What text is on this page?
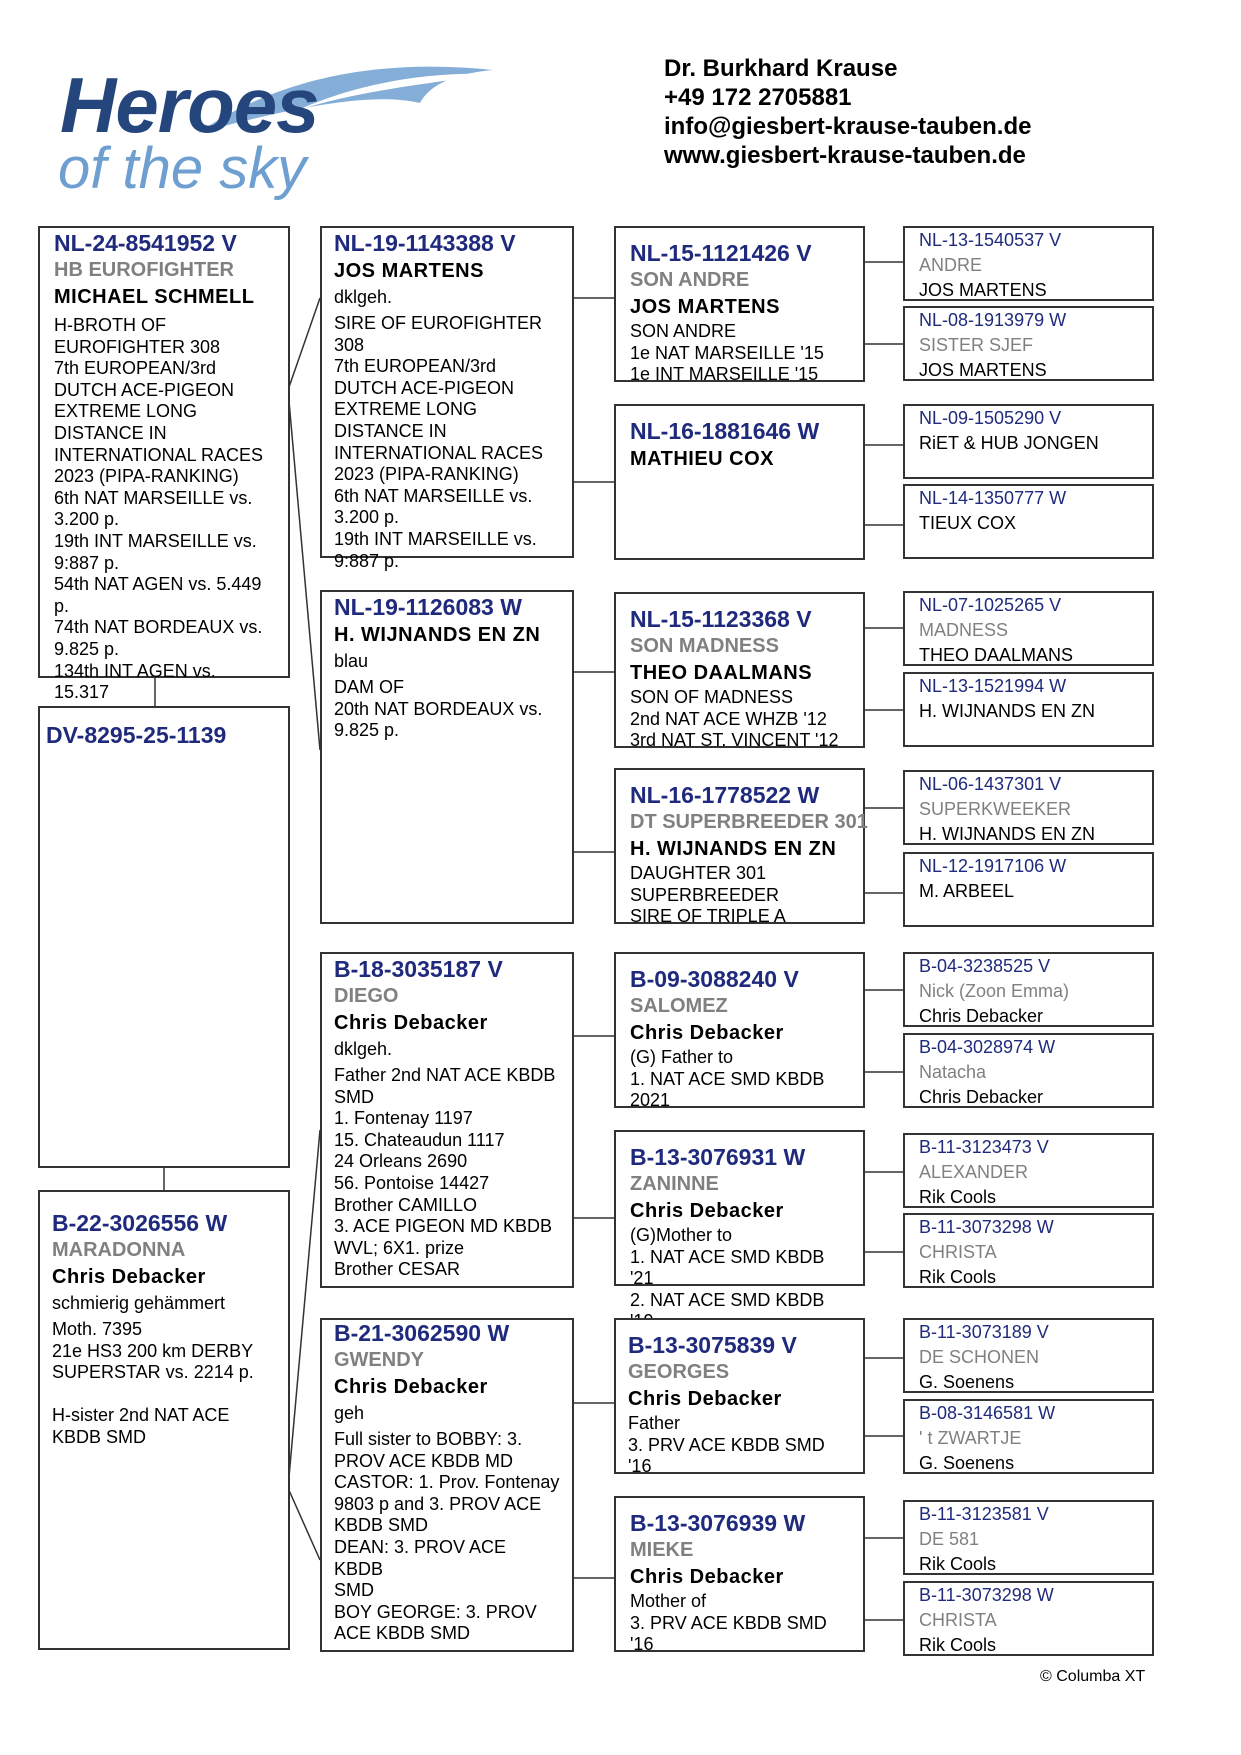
Heroes
of the sky
Dr. Burkhard Krause
+49 172 2705881
info@giesbert-krause-tauben.de
www.giesbert-krause-tauben.de
NL-24-8541952 V
HB EUROFIGHTER
MICHAEL SCHMELL
H-BROTH OF
EUROFIGHTER 308
7th EUROPEAN/3rd
DUTCH ACE-PIGEON
EXTREME LONG
DISTANCE IN
INTERNATIONAL RACES
2023 (PIPA-RANKING)
6th NAT MARSEILLE vs.
3.200 p.
19th INT MARSEILLE vs.
9:887 p.
54th NAT AGEN vs. 5.449
p.
74th NAT BORDEAUX vs.
9.825 p.
134th INT AGEN vs. 15.317
DV-8295-25-1139
B-22-3026556 W
MARADONNA
Chris Debacker
schmierig gehämmert
Moth. 7395
21e HS3 200 km DERBY
SUPERSTAR vs. 2214 p.

H-sister 2nd NAT ACE
KBDB SMD
NL-19-1143388 V
JOS MARTENS
dklgeh.
SIRE OF EUROFIGHTER
308
7th EUROPEAN/3rd
DUTCH ACE-PIGEON
EXTREME LONG
DISTANCE IN
INTERNATIONAL RACES
2023 (PIPA-RANKING)
6th NAT MARSEILLE vs.
3.200 p.
19th INT MARSEILLE vs.
9:887 p.
NL-19-1126083 W
H. WIJNANDS EN ZN
blau
DAM OF
20th NAT BORDEAUX vs.
9.825 p.
B-18-3035187 V
DIEGO
Chris Debacker
dklgeh.
Father 2nd NAT ACE KBDB
SMD
1. Fontenay 1197
15. Chateaudun 1117
24 Orleans 2690
56. Pontoise 14427
Brother CAMILLO
3. ACE PIGEON MD KBDB
WVL; 6X1. prize
Brother CESAR
B-21-3062590 W
GWENDY
Chris Debacker
geh
Full sister to BOBBY: 3.
PROV ACE KBDB MD
CASTOR: 1. Prov. Fontenay
9803 p and 3. PROV ACE
KBDB SMD
DEAN: 3. PROV ACE KBDB
SMD
BOY GEORGE: 3. PROV
ACE KBDB SMD
NL-15-1121426 V
SON ANDRE
JOS MARTENS
SON ANDRE
1e NAT MARSEILLE '15
1e INT MARSEILLE '15
NL-16-1881646 W
MATHIEU COX
NL-15-1123368 V
SON MADNESS
THEO DAALMANS
SON OF MADNESS
2nd NAT ACE WHZB '12
3rd NAT ST. VINCENT '12
NL-16-1778522 W
DT SUPERBREEDER 301
H. WIJNANDS EN ZN
DAUGHTER 301
SUPERBREEDER
SIRE OF TRIPLE A
B-09-3088240 V
SALOMEZ
Chris Debacker
(G) Father to
1. NAT ACE SMD KBDB
2021
B-13-3076931 W
ZANINNE
Chris Debacker
(G)Mother to
1. NAT ACE SMD KBDB '21
2. NAT ACE SMD KBDB
B-13-3075839 V
GEORGES
Chris Debacker
Father
3. PRV ACE KBDB SMD
'16
B-13-3076939 W
MIEKE
Chris Debacker
Mother of
3. PRV ACE KBDB SMD
'16
NL-13-1540537 V
ANDRE
JOS MARTENS
NL-08-1913979 W
SISTER SJEF
JOS MARTENS
NL-09-1505290 V
RiET & HUB JONGEN
NL-14-1350777 W
TIEUX COX
NL-07-1025265 V
MADNESS
THEO DAALMANS
NL-13-1521994 W
H. WIJNANDS EN ZN
NL-06-1437301 V
SUPERKWEEKER
H. WIJNANDS EN ZN
NL-12-1917106 W
M. ARBEEL
B-04-3238525 V
Nick (Zoon Emma)
Chris Debacker
B-04-3028974 W
Natacha
Chris Debacker
B-11-3123473 V
ALEXANDER
Rik Cools
B-11-3073298 W
CHRISTA
Rik Cools
B-11-3073189 V
DE SCHONEN
G. Soenens
B-08-3146581 W
' t ZWARTJE
G. Soenens
B-11-3123581 V
DE 581
Rik Cools
B-11-3073298 W
CHRISTA
Rik Cools
© Columba XT
